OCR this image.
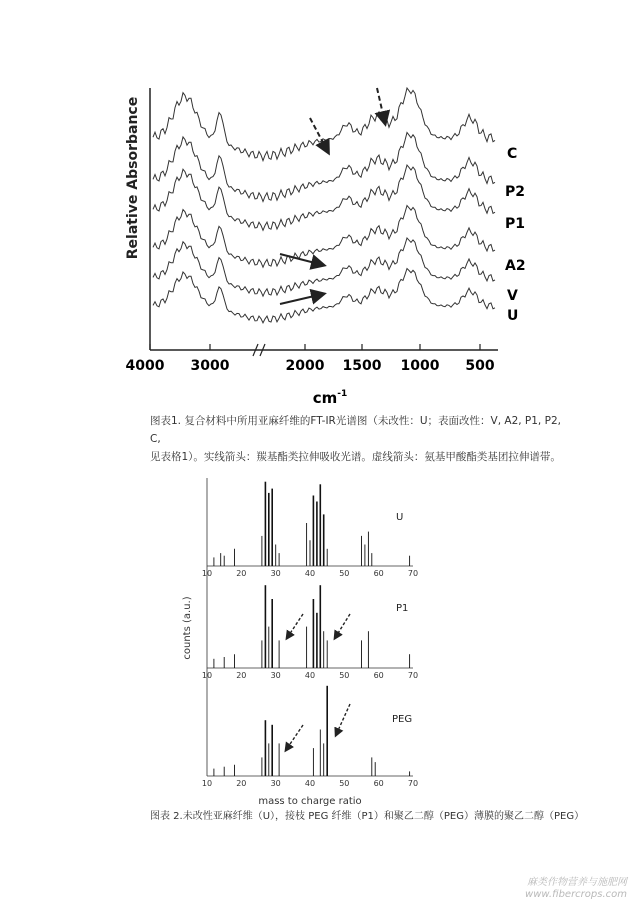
Relative Absorbance
4000 3000	2000 1500 1000 500
$cm^{-1}$
C
P2
P1
A2
V
U
图表1. 复合材料中所用亚麻纤维的FT-IR光谱图（未改性：U；表面改性：V, A2, P1, P2, C,
见表格1）。实线箭头：羰基酯类拉伸吸收光谱。虚线箭头：氨基甲酸酯类基团拉伸谱带。
counts (a.u.)
10	20	30	40	50	60	70
10	20	30	40	50	60	70
10	20	30	40	50	60	70
U
P1
PEG
mass to charge ratio
图表 2.未改性亚麻纤维（U），接枝 PEG 纤维（P1）和聚乙二醇（PEG）薄膜的聚乙二醇（PEG）
麻类作物营养与施肥网
www.fibercrops.com
